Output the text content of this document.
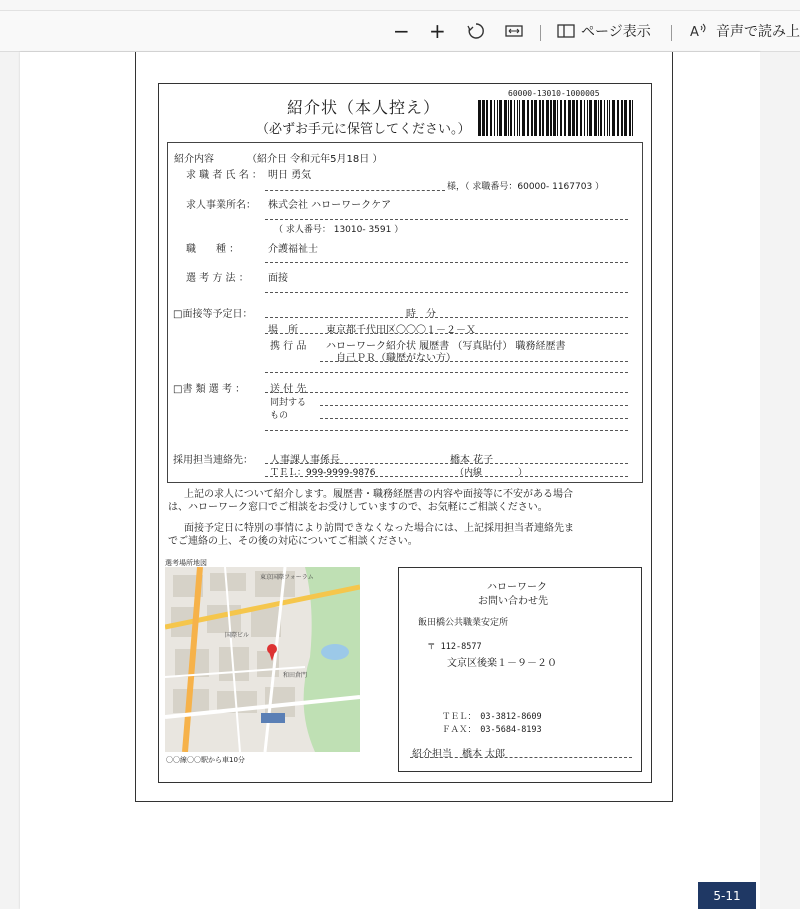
− +	ページ表示	A 音声で読み上
紹介状（本人控え）
（必ずお手元に保管してください。）
60000-13010-1000005
紹介内容	（紹介日 令和元年5月18日 ）
求 職 者 氏 名 ： 明日 勇気
様，（ 求職番号：60000- 1167703 ）
求人事業所名： 株式会社 ハローワークケア
（ 求人番号： 13010- 3591 ）
職　　種 ：	介護福祉士
選 考 方 法 ： 面接
□面接等予定日：	時　分
場　所	東京都千代田区〇〇〇１－２－Ｘ
携 行 品 ハローワーク紹介状 履歴書 （写真貼付） 職務経歴書
自己ＰＲ（職歴がない方）
□書 類 選 考 ： 送 付 先
同封する
もの
採用担当連絡先： 人事課人事係長	橋本 花子
ＴＥＬ：999-9999-9876	（内線　　　　）
上記の求人について紹介します。履歴書・職務経歴書の内容や面接等に不安がある場合
は、ハローワーク窓口でご相談をお受けしていますので、お気軽にご相談ください。
面接予定日に特別の事情により訪問できなくなった場合には、上記採用担当者連絡先ま
でご連絡の上、その後の対応についてご相談ください。
選考場所地図
東京国際フォーラム
国際ビル
和田倉門
〇〇線〇〇駅から車10分
ハローワーク
お問い合わせ先
飯田橋公共職業安定所
〒 112-8577
文京区後楽１－９－２０
ＴＥＬ：　03-3812-8609
ＦＡＸ：　03-5684-8193
紹介担当　橋本 太郎
5-11
